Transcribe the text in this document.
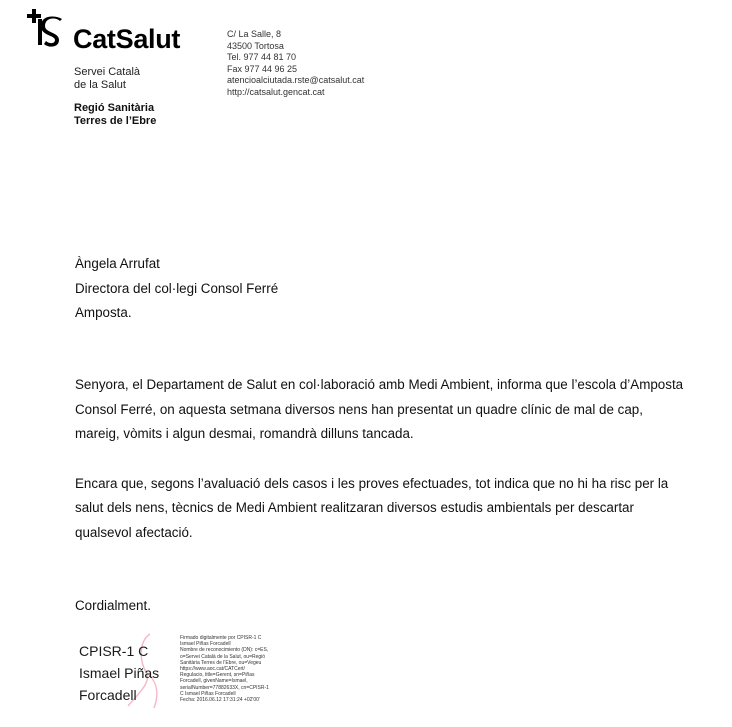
CatSalut
Servei Català
de la Salut
Regió Sanitària
Terres de l’Ebre
C/ La Salle, 8
43500 Tortosa
Tel. 977 44 81 70
Fax 977 44 96 25
atencioalciutada.rste@catsalut.cat
http://catsalut.gencat.cat
Àngela Arrufat
Directora del col·legi Consol Ferré
Amposta.

Senyora, el Departament de Salut en col·laboració amb Medi Ambient, informa que l’escola d’Amposta Consol Ferré, on aquesta setmana diversos nens han presentat un quadre clínic de mal de cap, mareig, vòmits i algun desmai, romandrà dilluns tancada.

Encara que, segons l’avaluació dels casos i les proves efectuades, tot indica que no hi ha risc per la salut dels nens, tècnics de Medi Ambient realitzaran diversos estudis ambientals per descartar qualsevol afectació.

Cordialment.
CPISR-1 C
Ismael Piñas
Forcadell
Firmado digitalmente por CPISR-1 C
Ismael Piñas Forcadell
Nombre de reconocimiento (DN): c=ES,
o=Servei Català de la Salut, ou=Regió
Sanitària Terres de l'Ebre, ou=Vegeu
https://www.aoc.cat/CATCert/
Regulacio, title=Gerent, sn=Piñas
Forcadell, givenName=Ismael,
serialNumber=77882633X, cn=CPISR-1
C Ismael Piñas Forcadell
Fecha: 2016.06.12 17:31:24 +02'00'
